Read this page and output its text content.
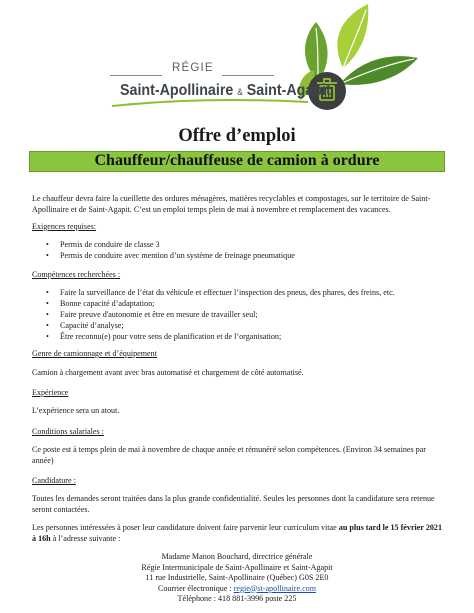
RÉGIE
Saint-Apollinaire & Saint-Agapit
Offre d’emploi
Chauffeur/chauffeuse de camion à ordure
Le chauffeur devra faire la cueillette des ordures ménagères, matières recyclables et compostages, sur le territoire de Saint-Apollinaire et de Saint-Agapit. C’est un emploi temps plein de mai à novembre et remplacement des vacances.
Exigences requises:
• Permis de conduire de classe 3
• Permis de conduire avec mention d’un système de freinage pneumatique
Compétences recherchées :
• Faire la surveillance de l’état du véhicule et effectuer l’inspection des pneus, des phares, des freins, etc.
• Bonne capacité d’adaptation;
• Faire preuve d'autonomie et être en mesure de travailler seul;
• Capacité d’analyse;
• Être reconnu(e) pour votre sens de planification et de l’organisation;
Genre de camionnage et d’équipement
Camion à chargement avant avec bras automatisé et chargement de côté automatisé.
Expérience
L’expérience sera un atout.
Conditions salariales :
Ce poste est à temps plein de mai à novembre de chaque année et rémunéré selon compétences. (Environ 34 semaines par année)
Candidature :
Toutes les demandes seront traitées dans la plus grande confidentialité. Seules les personnes dont la candidature sera retenue seront contactées.
Les personnes intéressées à poser leur candidature doivent faire parvenir leur curriculum vitae au plus tard le 15 février 2021 à 16h à l’adresse suivante :
Madame Manon Bouchard, directrice générale
Régie Intermunicipale de Saint-Apollinaire et Saint-Agapit
11 rue Industrielle, Saint-Apollinaire (Québec) G0S 2E0
Courrier électronique : regie@st-apollinaire.com
Téléphone : 418 881-3996 poste 225
